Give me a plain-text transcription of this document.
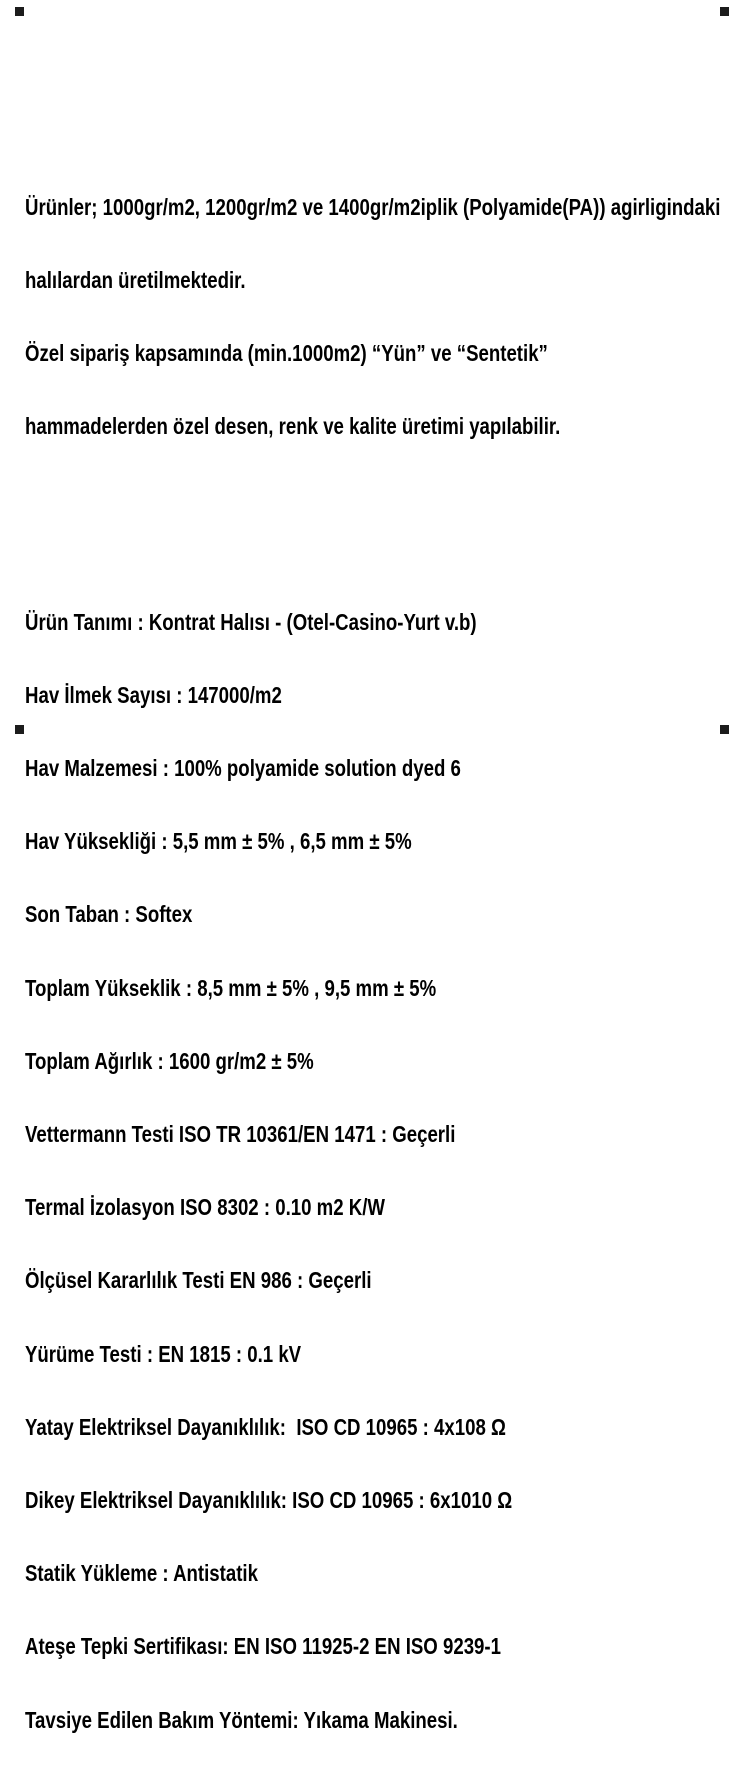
Ürünler; 1000gr/m2, 1200gr/m2 ve 1400gr/m2iplik (Polyamide(PA)) agirligindaki

halılardan üretilmektedir.

Özel sipariş kapsamında (min.1000m2) “Yün” ve “Sentetik”

hammadelerden özel desen, renk ve kalite üretimi yapılabilir.

Ürün Tanımı : Kontrat Halısı - (Otel-Casino-Yurt v.b)

Hav İlmek Sayısı : 147000/m2

Hav Malzemesi : 100% polyamide solution dyed 6

Hav Yüksekliği : 5,5 mm ± 5% , 6,5 mm ± 5%

Son Taban : Softex

Toplam Yükseklik : 8,5 mm ± 5% , 9,5 mm ± 5%

Toplam Ağırlık : 1600 gr/m2 ± 5%

Vettermann Testi ISO TR 10361/EN 1471 : Geçerli

Termal İzolasyon ISO 8302 : 0.10 m2 K/W

Ölçüsel Kararlılık Testi EN 986 : Geçerli

Yürüme Testi : EN 1815 : 0.1 kV

Yatay Elektriksel Dayanıklılık:  ISO CD 10965 : 4x108 Ω

Dikey Elektriksel Dayanıklılık: ISO CD 10965 : 6x1010 Ω

Statik Yükleme : Antistatik

Ateşe Tepki Sertifikası: EN ISO 11925-2 EN ISO 9239-1

Tavsiye Edilen Bakım Yöntemi: Yıkama Makinesi.
